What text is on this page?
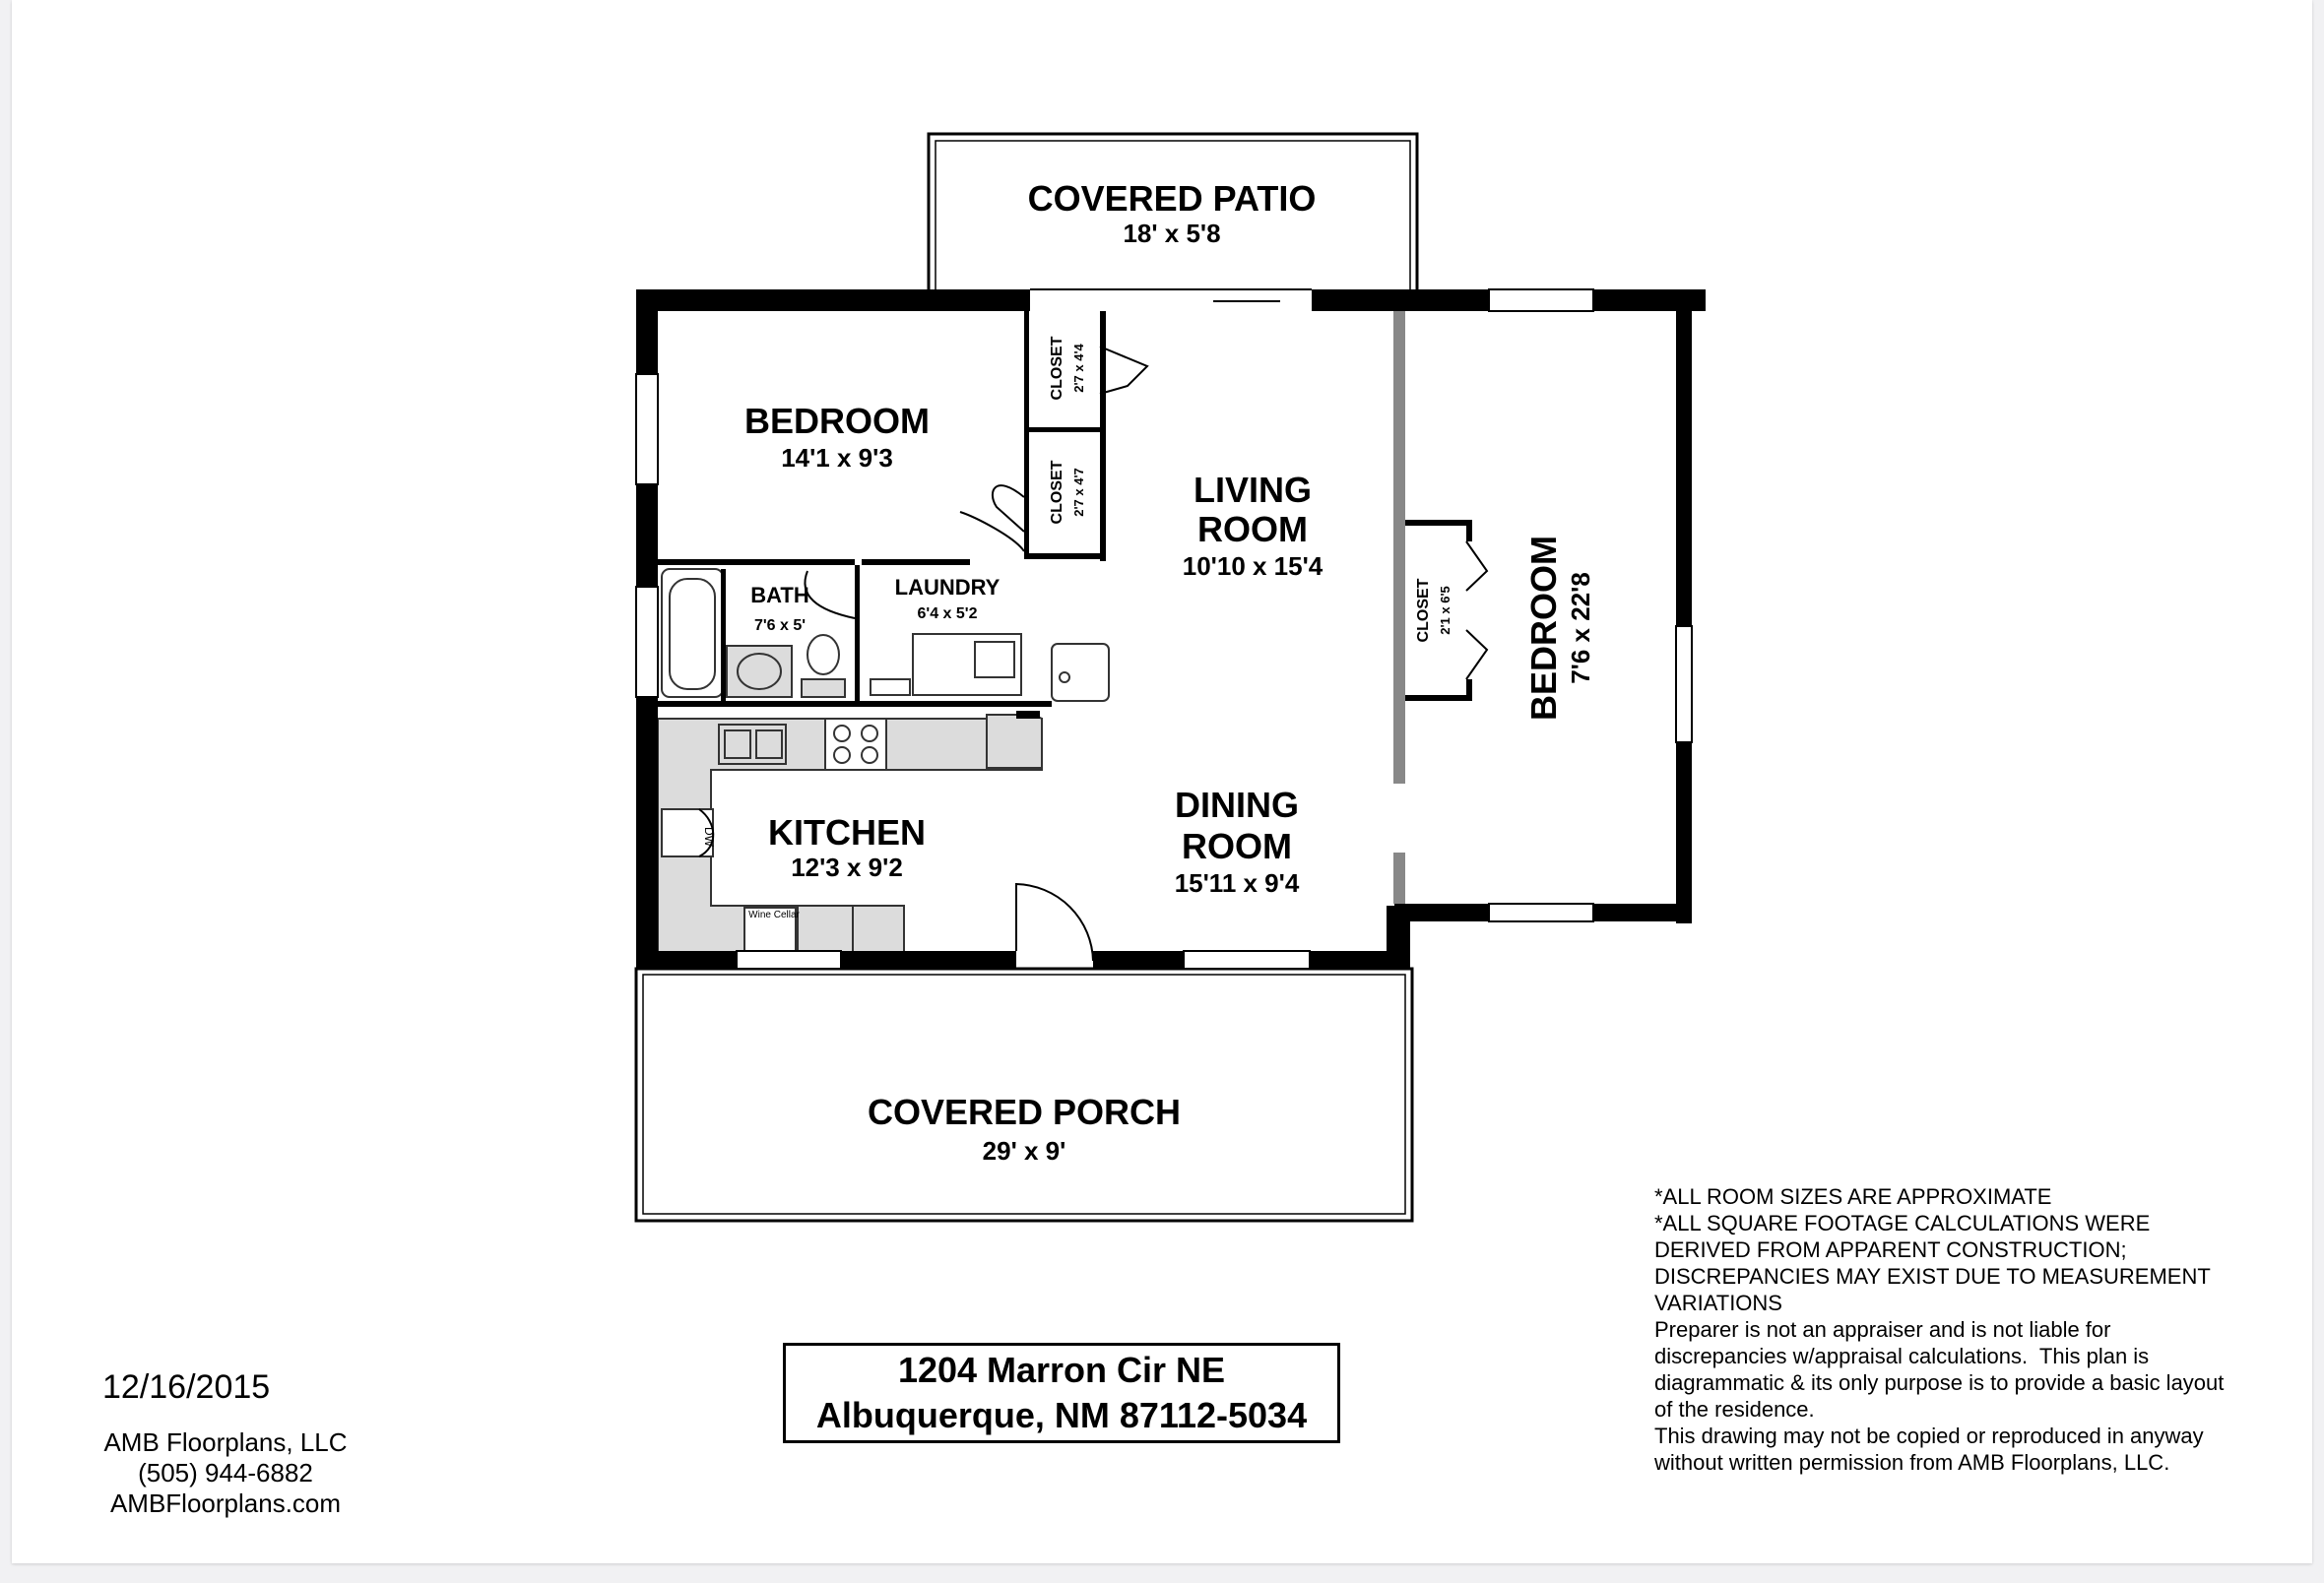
COVERED PATIO
18' x 5'8
BEDROOM
14'1 x 9'3
CLOSET 2'7 x 4'4
CLOSET 2'7 x 4'7	LIVING
ROOM
10'10 x 15'4
BATH
7'6 x 5'
LAUNDRY
6'4 x 5'2	CLOSET 2'1 x 6'5 BEDROOM 7'6 x 22'8
KITCHEN
12'3 x 9'2
DINING
ROOM
15'11 x 9'4
COVERED PORCH
29' x 9'
DW
Wine Cellar
*ALL ROOM SIZES ARE APPROXIMATE
*ALL SQUARE FOOTAGE CALCULATIONS WERE DERIVED FROM APPARENT CONSTRUCTION; DISCREPANCIES MAY EXIST DUE TO MEASUREMENT VARIATIONS
Preparer is not an appraiser and is not liable for discrepancies w/appraisal calculations.  This plan is diagrammatic & its only purpose is to provide a basic layout of the residence.
This drawing may not be copied or reproduced in anyway without written permission from AMB Floorplans, LLC.
1204 Marron Cir NE
Albuquerque, NM 87112-5034
12/16/2015
AMB Floorplans, LLC
(505) 944-6882
AMBFloorplans.com
